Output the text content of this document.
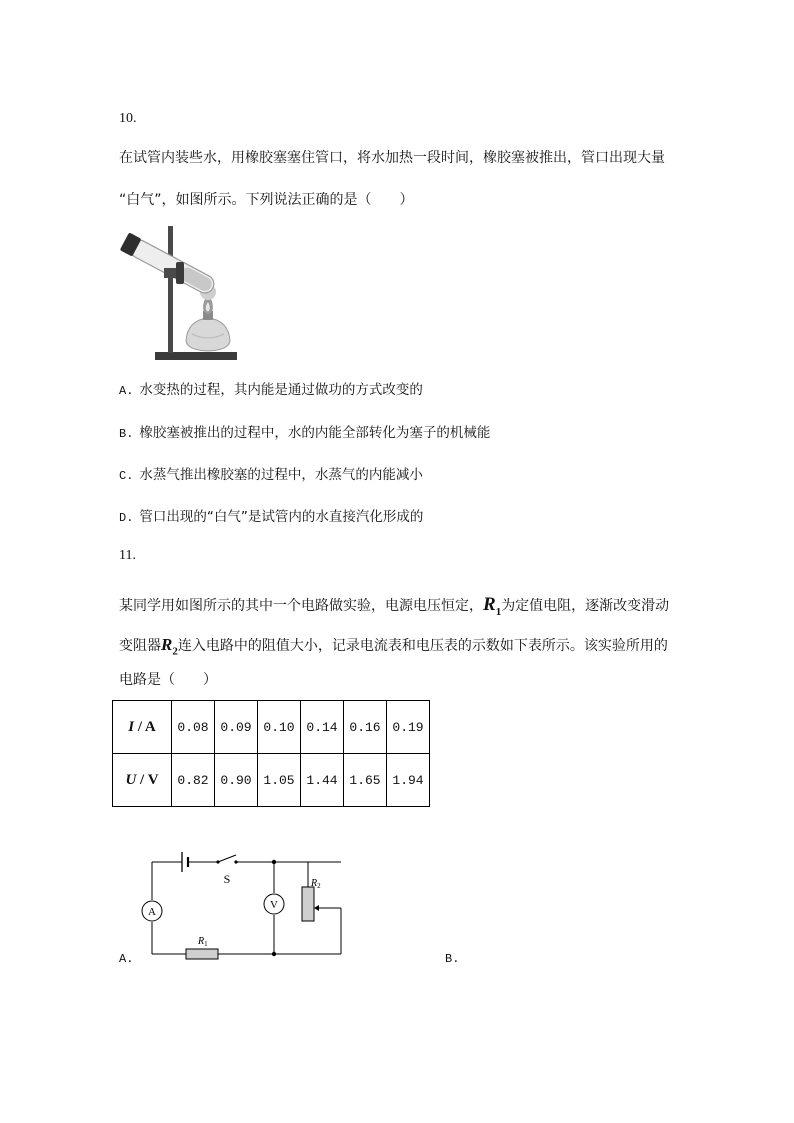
10.
在试管内装些水，用橡胶塞塞住管口，将水加热一段时间，橡胶塞被推出，管口出现大量
“白气”，如图所示。下列说法正确的是（　　）
A. 水变热的过程，其内能是通过做功的方式改变的
B. 橡胶塞被推出的过程中，水的内能全部转化为塞子的机械能
C. 水蒸气推出橡胶塞的过程中，水蒸气的内能减小
D. 管口出现的“白气”是试管内的水直接汽化形成的
11.
某同学用如图所示的其中一个电路做实验，电源电压恒定，$R_1$为定值电阻，逐渐改变滑动
变阻器$R_2$连入电路中的阻值大小，记录电流表和电压表的示数如下表所示。该实验所用的
电路是（　　）
I / A	0.08	0.09	0.10	0.14	0.16	0.19
U / V	0.82	0.90	1.05	1.44	1.65	1.94
A
V
S
$R_1$
$R_2$
A.	B.
